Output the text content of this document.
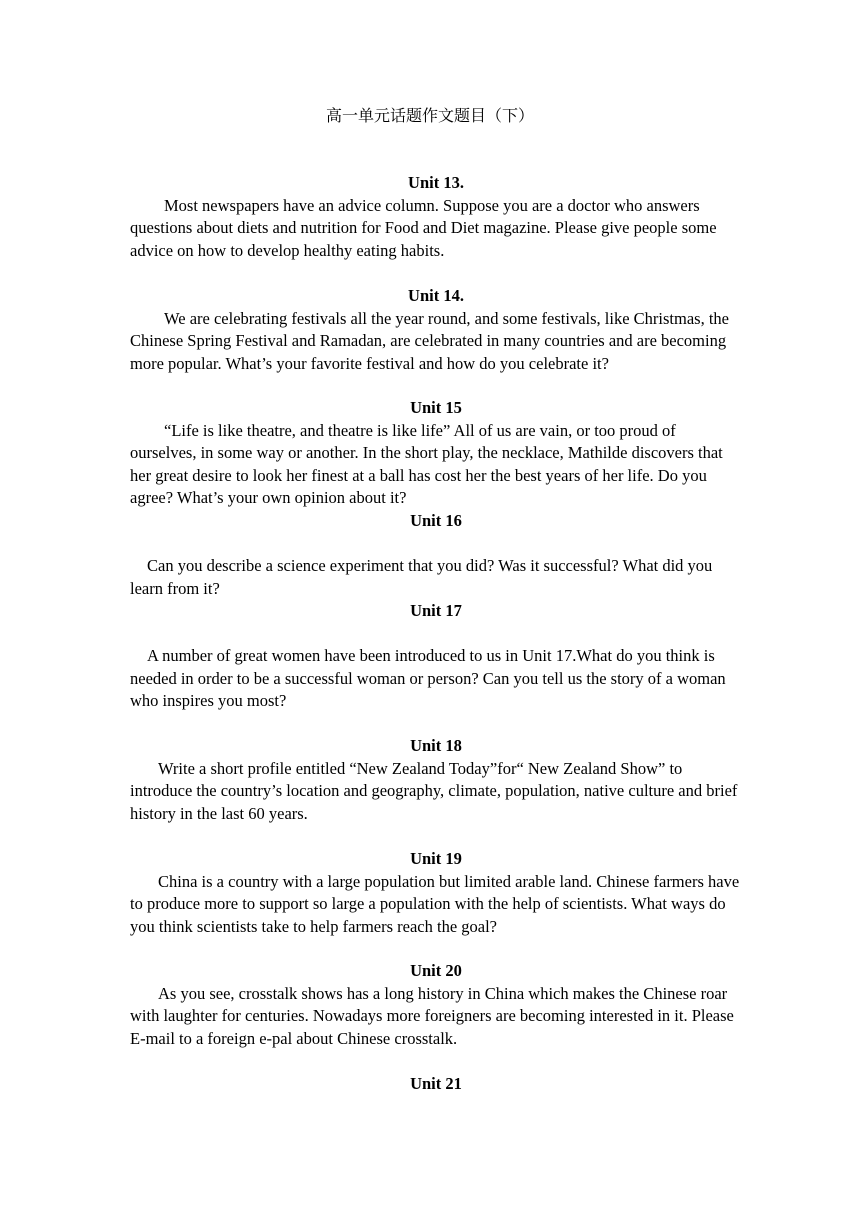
高一单元话题作文题目（下）

Unit 13.

Most newspapers have an advice column. Suppose you are a doctor who answers questions about diets and nutrition for Food and Diet magazine. Please give people some advice on how to develop healthy eating habits.

Unit 14.

We are celebrating festivals all the year round, and some festivals, like Christmas, the Chinese Spring Festival and Ramadan, are celebrated in many countries and are becoming more popular. What’s your favorite festival and how do you celebrate it?

Unit 15

“Life is like theatre, and theatre is like life” All of us are vain, or too proud of ourselves, in some way or another. In the short play, the necklace, Mathilde discovers that her great desire to look her finest at a ball has cost her the best years of her life. Do you agree? What’s your own opinion about it?

Unit 16

Can you describe a science experiment that you did? Was it successful? What did you learn from it?

Unit 17

A number of great women have been introduced to us in Unit 17.What do you think is needed in order to be a successful woman or person? Can you tell us the story of a woman who inspires you most?

Unit 18

Write a short profile entitled “New Zealand Today”for“ New Zealand Show” to introduce the country’s location and geography, climate, population, native culture and brief history in the last 60 years.

Unit 19

China is a country with a large population but limited arable land. Chinese farmers have to produce more to support so large a population with the help of scientists. What ways do you think scientists take to help farmers reach the goal?

Unit 20

As you see, crosstalk shows has a long history in China which makes the Chinese roar with laughter for centuries. Nowadays more foreigners are becoming interested in it. Please E-mail to a foreign e-pal about Chinese crosstalk.

Unit 21
